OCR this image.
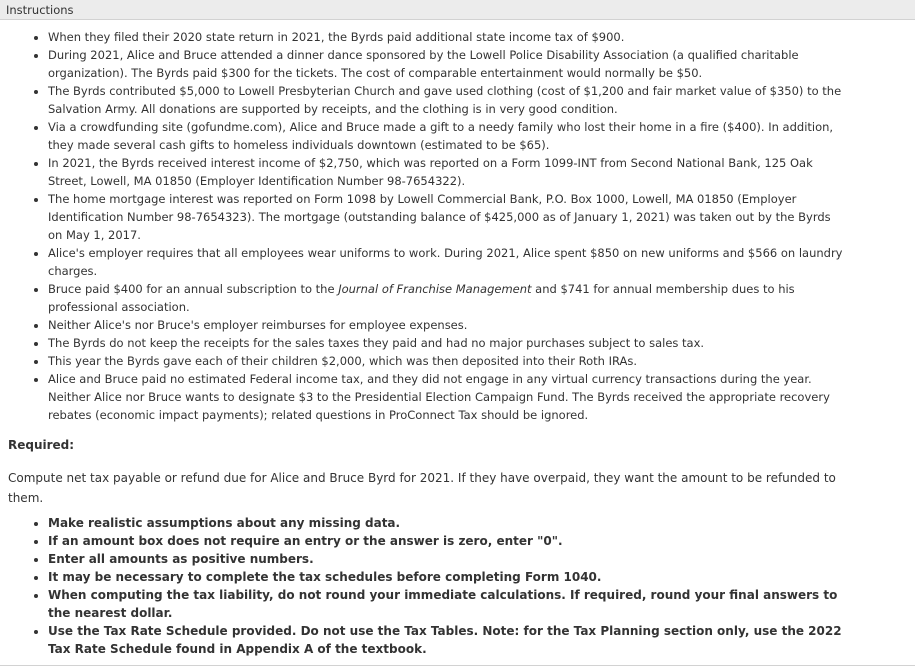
Instructions
• When they filed their 2020 state return in 2021, the Byrds paid additional state income tax of $900.
• During 2021, Alice and Bruce attended a dinner dance sponsored by the Lowell Police Disability Association (a qualified charitable organization). The Byrds paid $300 for the tickets. The cost of comparable entertainment would normally be $50.
• The Byrds contributed $5,000 to Lowell Presbyterian Church and gave used clothing (cost of $1,200 and fair market value of $350) to the Salvation Army. All donations are supported by receipts, and the clothing is in very good condition.
• Via a crowdfunding site (gofundme.com), Alice and Bruce made a gift to a needy family who lost their home in a fire ($400). In addition, they made several cash gifts to homeless individuals downtown (estimated to be $65).
• In 2021, the Byrds received interest income of $2,750, which was reported on a Form 1099-INT from Second National Bank, 125 Oak Street, Lowell, MA 01850 (Employer Identification Number 98-7654322).
• The home mortgage interest was reported on Form 1098 by Lowell Commercial Bank, P.O. Box 1000, Lowell, MA 01850 (Employer Identification Number 98-7654323). The mortgage (outstanding balance of $425,000 as of January 1, 2021) was taken out by the Byrds on May 1, 2017.
• Alice's employer requires that all employees wear uniforms to work. During 2021, Alice spent $850 on new uniforms and $566 on laundry charges.
• Bruce paid $400 for an annual subscription to the Journal of Franchise Management and $741 for annual membership dues to his professional association.
• Neither Alice's nor Bruce's employer reimburses for employee expenses.
• The Byrds do not keep the receipts for the sales taxes they paid and had no major purchases subject to sales tax.
• This year the Byrds gave each of their children $2,000, which was then deposited into their Roth IRAs.
• Alice and Bruce paid no estimated Federal income tax, and they did not engage in any virtual currency transactions during the year. Neither Alice nor Bruce wants to designate $3 to the Presidential Election Campaign Fund. The Byrds received the appropriate recovery rebates (economic impact payments); related questions in ProConnect Tax should be ignored.
Required:
Compute net tax payable or refund due for Alice and Bruce Byrd for 2021. If they have overpaid, they want the amount to be refunded to them.
• Make realistic assumptions about any missing data.
• If an amount box does not require an entry or the answer is zero, enter "0".
• Enter all amounts as positive numbers.
• It may be necessary to complete the tax schedules before completing Form 1040.
• When computing the tax liability, do not round your immediate calculations. If required, round your final answers to the nearest dollar.
• Use the Tax Rate Schedule provided. Do not use the Tax Tables. Note: for the Tax Planning section only, use the 2022 Tax Rate Schedule found in Appendix A of the textbook.
